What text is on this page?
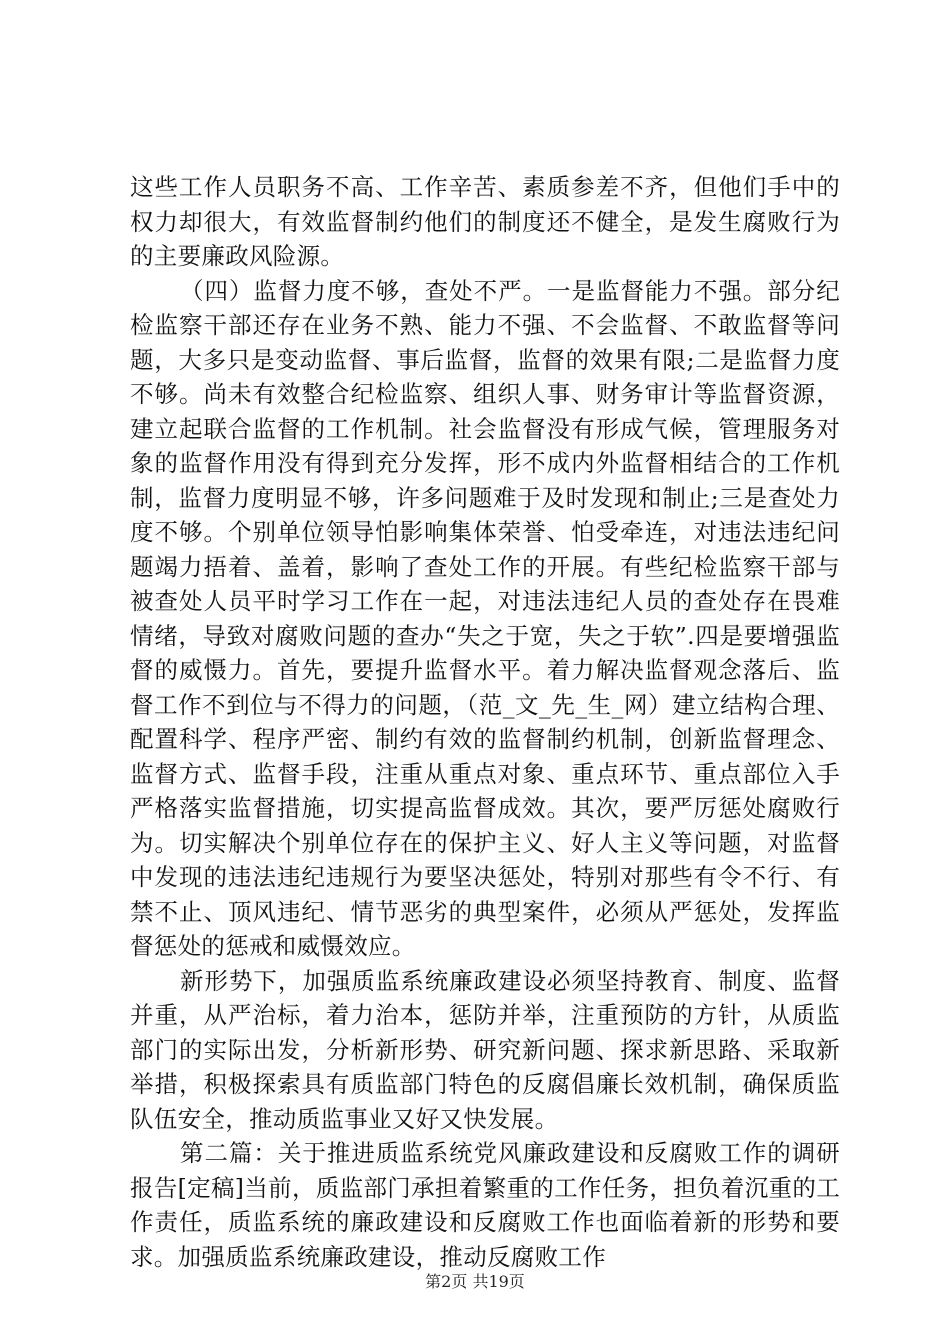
这些工作人员职务不高、工作辛苦、素质参差不齐，但他们手中的权力却很大，有效监督制约他们的制度还不健全，是发生腐败行为的主要廉政风险源。

（四）监督力度不够，查处不严。一是监督能力不强。部分纪检监察干部还存在业务不熟、能力不强、不会监督、不敢监督等问题，大多只是变动监督、事后监督，监督的效果有限;二是监督力度不够。尚未有效整合纪检监察、组织人事、财务审计等监督资源，建立起联合监督的工作机制。社会监督没有形成气候，管理服务对象的监督作用没有得到充分发挥，形不成内外监督相结合的工作机制，监督力度明显不够，许多问题难于及时发现和制止;三是查处力度不够。个别单位领导怕影响集体荣誉、怕受牵连，对违法违纪问题竭力捂着、盖着，影响了查处工作的开展。有些纪检监察干部与被查处人员平时学习工作在一起，对违法违纪人员的查处存在畏难情绪，导致对腐败问题的查办“失之于宽，失之于软”.四是要增强监督的威慑力。首先，要提升监督水平。着力解决监督观念落后、监督工作不到位与不得力的问题，（范_文_先_生_网）建立结构合理、配置科学、程序严密、制约有效的监督制约机制，创新监督理念、监督方式、监督手段，注重从重点对象、重点环节、重点部位入手严格落实监督措施，切实提高监督成效。其次，要严厉惩处腐败行为。切实解决个别单位存在的保护主义、好人主义等问题，对监督中发现的违法违纪违规行为要坚决惩处，特别对那些有令不行、有禁不止、顶风违纪、情节恶劣的典型案件，必须从严惩处，发挥监督惩处的惩戒和威慑效应。

新形势下，加强质监系统廉政建设必须坚持教育、制度、监督并重，从严治标，着力治本，惩防并举，注重预防的方针，从质监部门的实际出发，分析新形势、研究新问题、探求新思路、采取新举措，积极探索具有质监部门特色的反腐倡廉长效机制，确保质监队伍安全，推动质监事业又好又快发展。

第二篇：关于推进质监系统党风廉政建设和反腐败工作的调研报告[定稿]当前，质监部门承担着繁重的工作任务，担负着沉重的工作责任，质监系统的廉政建设和反腐败工作也面临着新的形势和要求。加强质监系统廉政建设，推动反腐败工作

第2页 共19页
